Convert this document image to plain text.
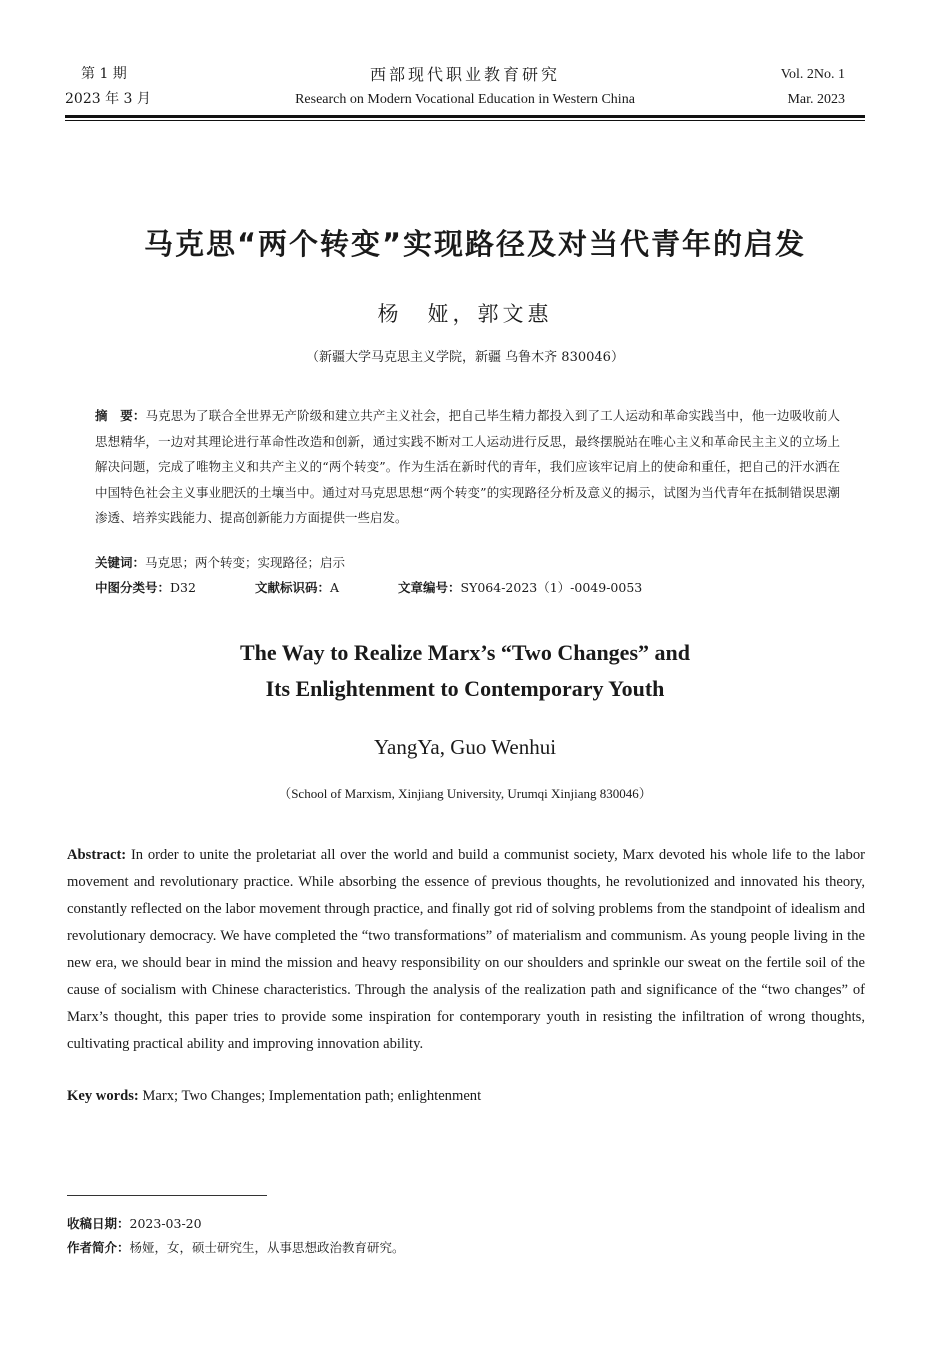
第 1 期
2023 年 3 月
西部现代职业教育研究
Research on Modern Vocational Education in Western China
Vol. 2No. 1
Mar. 2023
马克思“两个转变”实现路径及对当代青年的启发
杨　娅，郭文惠
（新疆大学马克思主义学院，新疆 乌鲁木齐 830046）
摘　要：马克思为了联合全世界无产阶级和建立共产主义社会，把自己毕生精力都投入到了工人运动和革命实践当中，他一边吸收前人思想精华，一边对其理论进行革命性改造和创新，通过实践不断对工人运动进行反思，最终摆脱站在唯心主义和革命民主主义的立场上解决问题，完成了唯物主义和共产主义的“两个转变”。作为生活在新时代的青年，我们应该牢记肩上的使命和重任，把自己的汗水洒在中国特色社会主义事业肥沃的土壤当中。通过对马克思思想“两个转变”的实现路径分析及意义的揭示，试图为当代青年在抵制错误思潮渗透、培养实践能力、提高创新能力方面提供一些启发。
关键词：马克思；两个转变；实现路径；启示
中图分类号：D32	文献标识码：A	文章编号：SY064-2023（1）-0049-0053
The Way to Realize Marx’s “Two Changes” and
Its Enlightenment to Contemporary Youth
YangYa, Guo Wenhui
（School of Marxism, Xinjiang University, Urumqi Xinjiang 830046）
Abstract: In order to unite the proletariat all over the world and build a communist society, Marx devoted his whole life to the labor movement and revolutionary practice. While absorbing the essence of previous thoughts, he revolutionized and innovated his theory, constantly reflected on the labor movement through practice, and finally got rid of solving problems from the standpoint of idealism and revolutionary democracy. We have completed the “two transformations” of materialism and communism. As young people living in the new era, we should bear in mind the mission and heavy responsibility on our shoulders and sprinkle our sweat on the fertile soil of the cause of socialism with Chinese characteristics. Through the analysis of the realization path and significance of the “two changes” of Marx’s thought, this paper tries to provide some inspiration for contemporary youth in resisting the infiltration of wrong thoughts, cultivating practical ability and improving innovation ability.
Key words: Marx; Two Changes; Implementation path; enlightenment
收稿日期：2023-03-20
作者简介：杨娅，女，硕士研究生，从事思想政治教育研究。
